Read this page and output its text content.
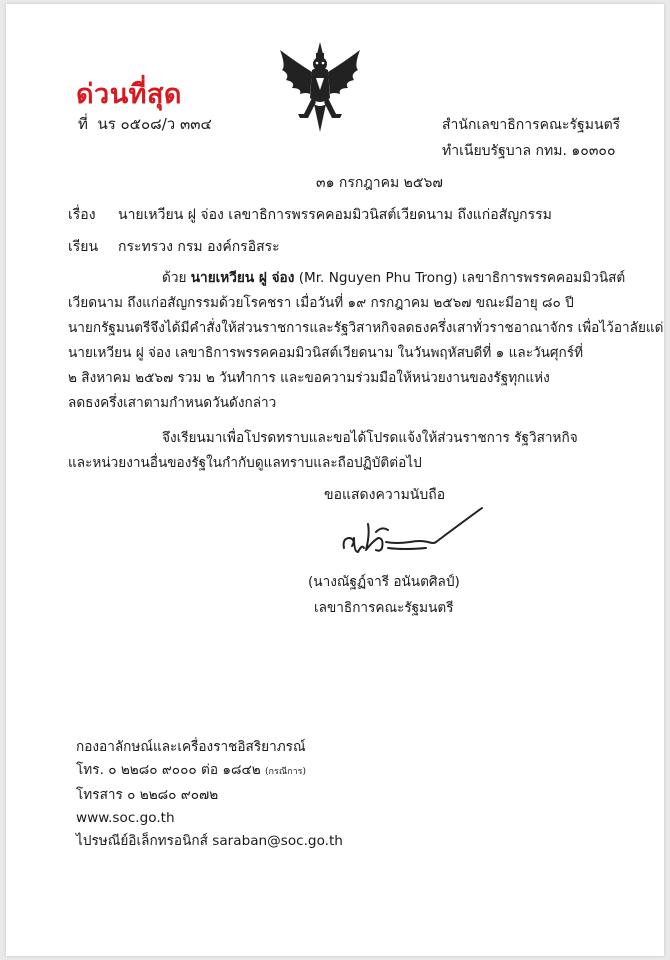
ด่วนที่สุด
ที่ นร ๐๕๐๘/ว ๓๓๔	สำนักเลขาธิการคณะรัฐมนตรี
ทำเนียบรัฐบาล กทม. ๑๐๓๐๐
๓๑ กรกฎาคม ๒๕๖๗
เรื่อง นายเหวียน ฝู จ่อง เลขาธิการพรรคคอมมิวนิสต์เวียดนาม ถึงแก่อสัญกรรม
เรียน กระทรวง กรม องค์กรอิสระ
ด้วย นายเหวียน ฝู จ่อง (Mr. Nguyen Phu Trong) เลขาธิการพรรคคอมมิวนิสต์
เวียดนาม ถึงแก่อสัญกรรมด้วยโรคชรา เมื่อวันที่ ๑๙ กรกฎาคม ๒๕๖๗ ขณะมีอายุ ๘๐ ปี
นายกรัฐมนตรีจึงได้มีคำสั่งให้ส่วนราชการและรัฐวิสาหกิจลดธงครึ่งเสาทั่วราชอาณาจักร เพื่อไว้อาลัยแด่
นายเหวียน ฝู จ่อง เลขาธิการพรรคคอมมิวนิสต์เวียดนาม ในวันพฤหัสบดีที่ ๑ และวันศุกร์ที่
๒ สิงหาคม ๒๕๖๗ รวม ๒ วันทำการ และขอความร่วมมือให้หน่วยงานของรัฐทุกแห่ง
ลดธงครึ่งเสาตามกำหนดวันดังกล่าว
จึงเรียนมาเพื่อโปรดทราบและขอได้โปรดแจ้งให้ส่วนราชการ รัฐวิสาหกิจ
และหน่วยงานอื่นของรัฐในกำกับดูแลทราบและถือปฏิบัติต่อไป
ขอแสดงความนับถือ
(นางณัฐฏ์จารี อนันตศิลป์)
เลขาธิการคณะรัฐมนตรี
กองอาลักษณ์และเครื่องราชอิสริยาภรณ์
โทร. ๐ ๒๒๘๐ ๙๐๐๐ ต่อ ๑๘๔๒ (กรณีการ)
โทรสาร ๐ ๒๒๘๐ ๙๐๗๒
www.soc.go.th
ไปรษณีย์อิเล็กทรอนิกส์ saraban@soc.go.th
